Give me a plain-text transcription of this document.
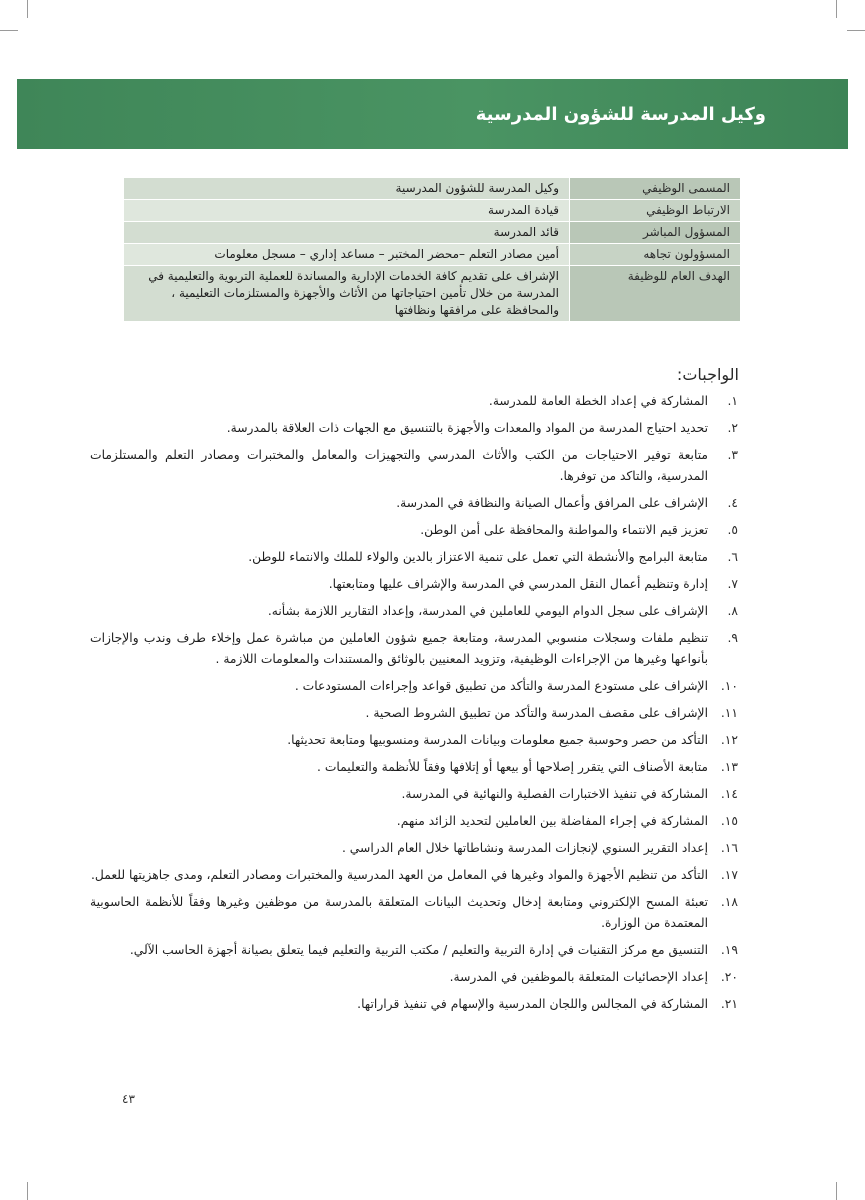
وكيل المدرسة للشؤون المدرسية
المسمى الوظيفي	وكيل المدرسة للشؤون المدرسية
الارتباط الوظيفي	قيادة المدرسة
المسؤول المباشر	قائد المدرسة
المسؤولون تجاهه	أمين مصادر التعلم –محضر المختبر – مساعد إداري – مسجل معلومات
الهدف العام للوظيفة	الإشراف على تقديم كافة الخدمات الإدارية والمساندة للعملية التربوية والتعليمية في المدرسة من خلال تأمين احتياجاتها من الأثاث والأجهزة والمستلزمات التعليمية ، والمحافظة على مرافقها ونظافتها
الواجبات:
١.
المشاركة في إعداد الخطة العامة للمدرسة.
٢.
تحديد احتياج المدرسة من المواد والمعدات والأجهزة بالتنسيق مع الجهات ذات العلاقة بالمدرسة.
٣.
متابعة توفير الاحتياجات من الكتب والأثاث المدرسي والتجهيزات والمعامل والمختبرات ومصادر التعلم والمستلزمات المدرسية، والتاكد من توفرها.
٤.
الإشراف على المرافق وأعمال الصيانة والنظافة في المدرسة.
٥.
تعزيز قيم الانتماء والمواطنة والمحافظة على أمن الوطن.
٦.
متابعة البرامج والأنشطة التي تعمل على تنمية الاعتزاز بالدين والولاء للملك والانتماء للوطن.
٧.
إدارة وتنظيم أعمال النقل المدرسي في المدرسة والإشراف عليها ومتابعتها.
٨.
الإشراف على سجل الدوام اليومي للعاملين في المدرسة، وإعداد التقارير اللازمة بشأنه.
٩.
تنظيم ملفات وسجلات منسوبي المدرسة، ومتابعة جميع شؤون العاملين من مباشرة عمل وإخلاء طرف وندب والإجازات بأنواعها وغيرها من الإجراءات الوظيفية، وتزويد المعنيين بالوثائق والمستندات والمعلومات اللازمة .
١٠.
الإشراف على مستودع المدرسة والتأكد من تطبيق قواعد وإجراءات المستودعات .
١١.
الإشراف على مقصف المدرسة والتأكد من تطبيق الشروط الصحية .
١٢.
التأكد من حصر وحوسبة جميع معلومات وبيانات المدرسة ومنسوبيها ومتابعة تحديثها.
١٣.
متابعة الأصناف التي يتقرر إصلاحها أو بيعها أو إتلافها وفقاً للأنظمة والتعليمات .
١٤.
المشاركة في تنفيذ الاختبارات الفصلية والنهائية في المدرسة.
١٥.
المشاركة في إجراء المفاضلة بين العاملين لتحديد الزائد منهم.
١٦.
إعداد التقرير السنوي لإنجازات المدرسة ونشاطاتها خلال العام الدراسي .
١٧.
التأكد من تنظيم الأجهزة والمواد وغيرها في المعامل من العهد المدرسية والمختبرات ومصادر التعلم، ومدى جاهزيتها للعمل.
١٨.
تعبئة المسح الإلكتروني ومتابعة إدخال وتحديث البيانات المتعلقة بالمدرسة من موظفين وغيرها وفقاً للأنظمة الحاسوبية المعتمدة من الوزارة.
١٩.
التنسيق مع مركز التقنيات في إدارة التربية والتعليم / مكتب التربية والتعليم فيما يتعلق بصيانة أجهزة الحاسب الآلي.
٢٠.
إعداد الإحصائيات المتعلقة بالموظفين في المدرسة.
٢١.
المشاركة في المجالس واللجان المدرسية والإسهام في تنفيذ قراراتها.
٤٣
